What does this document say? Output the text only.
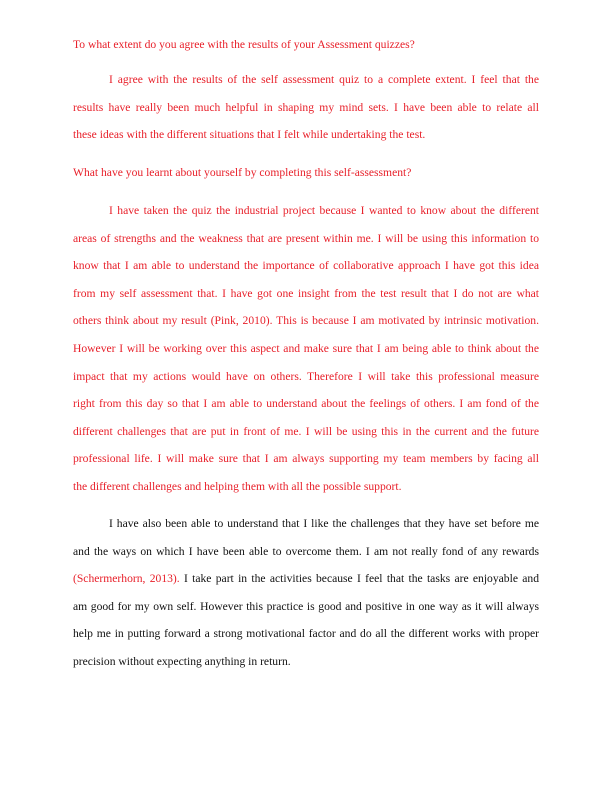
To what extent do you agree with the results of your Assessment quizzes?
I agree with the results of the self assessment quiz to a complete extent. I feel that the
results have really been much helpful in shaping my mind sets. I have been able to relate all
these ideas with the different situations that I felt while undertaking the test.
What have you learnt about yourself by completing this self-assessment?
I have taken the quiz the industrial project because I wanted to know about the different
areas of strengths and the weakness that are present within me. I will be using this information to
know that I am able to understand the importance of collaborative approach I have got this idea
from my self assessment that. I have got one insight from the test result that I do not are what
others think about my result (Pink, 2010). This is because I am motivated by intrinsic motivation.
However I will be working over this aspect and make sure that I am being able to think about the
impact that my actions would have on others. Therefore I will take this professional measure
right from this day so that I am able to understand about the feelings of others. I am fond of the
different challenges that are put in front of me. I will be using this in the current and the future
professional life. I will make sure that I am always supporting my team members by facing all
the different challenges and helping them with all the possible support.
I have also been able to understand that I like the challenges that they have set before me
and the ways on which I have been able to overcome them. I am not really fond of any rewards
(Schermerhorn, 2013). I take part in the activities because I feel that the tasks are enjoyable and
am good for my own self. However this practice is good and positive in one way as it will always
help me in putting forward a strong motivational factor and do all the different works with proper
precision without expecting anything in return.
